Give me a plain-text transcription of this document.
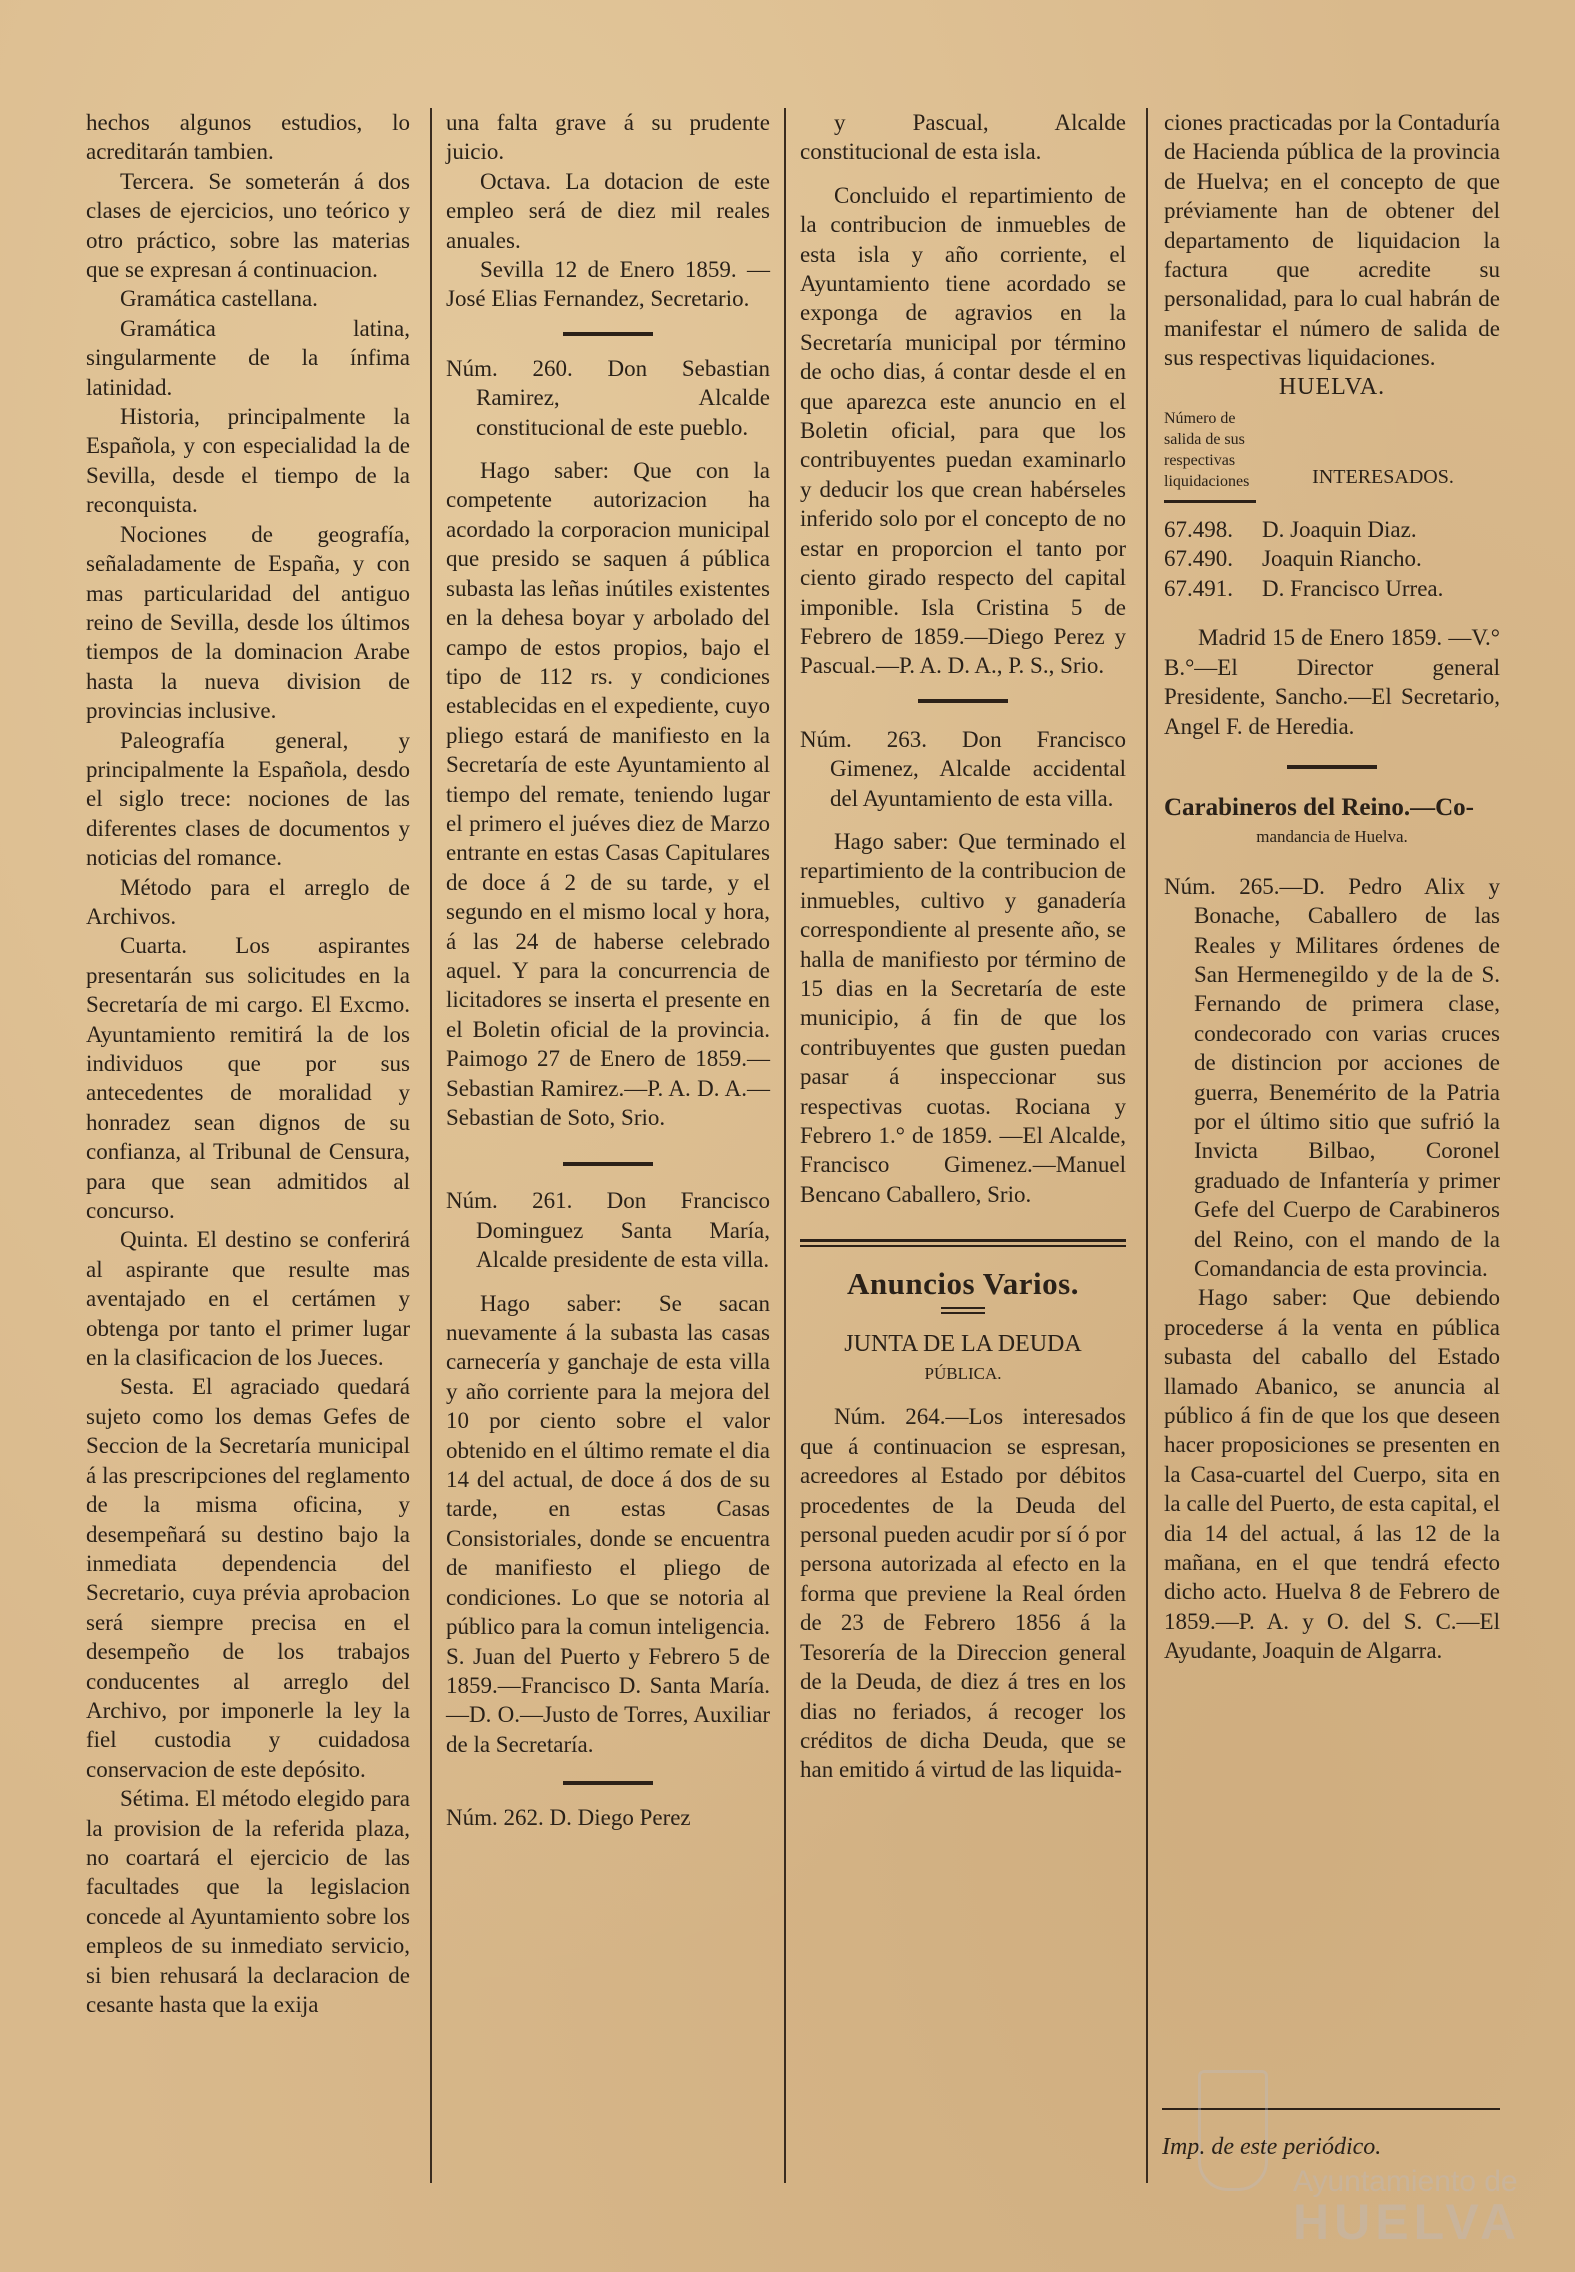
hechos algunos estudios, lo acreditarán tambien.

Tercera. Se someterán á dos clases de ejercicios, uno teórico y otro práctico, sobre las materias que se expresan á continuacion.

Gramática castellana.

Gramática latina, singularmente de la ínfima latinidad.

Historia, principalmente la Española, y con especialidad la de Sevilla, desde el tiempo de la reconquista.

Nociones de geografía, señaladamente de España, y con mas particularidad del antiguo reino de Sevilla, desde los últimos tiempos de la dominacion Arabe hasta la nueva division de provincias inclusive.

Paleografía general, y principalmente la Española, desdo el siglo trece: nociones de las diferentes clases de documentos y noticias del romance.

Método para el arreglo de Archivos.

Cuarta. Los aspirantes presentarán sus solicitudes en la Secretaría de mi cargo. El Excmo. Ayuntamiento remitirá la de los individuos que por sus antecedentes de moralidad y honradez sean dignos de su confianza, al Tribunal de Censura, para que sean admitidos al concurso.

Quinta. El destino se conferirá al aspirante que resulte mas aventajado en el certámen y obtenga por tanto el primer lugar en la clasificacion de los Jueces.

Sesta. El agraciado quedará sujeto como los demas Gefes de Seccion de la Secretaría municipal á las prescripciones del reglamento de la misma oficina, y desempeñará su destino bajo la inmediata dependencia del Secretario, cuya prévia aprobacion será siempre precisa en el desempeño de los trabajos conducentes al arreglo del Archivo, por imponerle la ley la fiel custodia y cuidadosa conservacion de este depósito.

Sétima. El método elegido para la provision de la referida plaza, no coartará el ejercicio de las facultades que la legislacion concede al Ayuntamiento sobre los empleos de su inmediato servicio, si bien rehusará la declaracion de cesante hasta que la exija

una falta grave á su prudente juicio.

Octava. La dotacion de este empleo será de diez mil reales anuales.

Sevilla 12 de Enero 1859. —José Elias Fernandez, Secretario.

Núm. 260. Don Sebastian Ramirez, Alcalde constitucional de este pueblo.

Hago saber: Que con la competente autorizacion ha acordado la corporacion municipal que presido se saquen á pública subasta las leñas inútiles existentes en la dehesa boyar y arbolado del campo de estos propios, bajo el tipo de 112 rs. y condiciones establecidas en el expediente, cuyo pliego estará de manifiesto en la Secretaría de este Ayuntamiento al tiempo del remate, teniendo lugar el primero el juéves diez de Marzo entrante en estas Casas Capitulares de doce á 2 de su tarde, y el segundo en el mismo local y hora, á las 24 de haberse celebrado aquel. Y para la concurrencia de licitadores se inserta el presente en el Boletin oficial de la provincia. Paimogo 27 de Enero de 1859.—Sebastian Ramirez.—P. A. D. A.—Sebastian de Soto, Srio.

Núm. 261. Don Francisco Dominguez Santa María, Alcalde presidente de esta villa.

Hago saber: Se sacan nuevamente á la subasta las casas carnecería y ganchaje de esta villa y año corriente para la mejora del 10 por ciento sobre el valor obtenido en el último remate el dia 14 del actual, de doce á dos de su tarde, en estas Casas Consistoriales, donde se encuentra de manifiesto el pliego de condiciones. Lo que se notoria al público para la comun inteligencia. S. Juan del Puerto y Febrero 5 de 1859.—Francisco D. Santa María.—D. O.—Justo de Torres, Auxiliar de la Secretaría.

Núm. 262. D. Diego Perez

y Pascual, Alcalde constitucional de esta isla.

Concluido el repartimiento de la contribucion de inmuebles de esta isla y año corriente, el Ayuntamiento tiene acordado se exponga de agravios en la Secretaría municipal por término de ocho dias, á contar desde el en que aparezca este anuncio en el Boletin oficial, para que los contribuyentes puedan examinarlo y deducir los que crean habérseles inferido solo por el concepto de no estar en proporcion el tanto por ciento girado respecto del capital imponible. Isla Cristina 5 de Febrero de 1859.—Diego Perez y Pascual.—P. A. D. A., P. S., Srio.

Núm. 263. Don Francisco Gimenez, Alcalde accidental del Ayuntamiento de esta villa.

Hago saber: Que terminado el repartimiento de la contribucion de inmuebles, cultivo y ganadería correspondiente al presente año, se halla de manifiesto por término de 15 dias en la Secretaría de este municipio, á fin de que los contribuyentes que gusten puedan pasar á inspeccionar sus respectivas cuotas. Rociana y Febrero 1.° de 1859. —El Alcalde, Francisco Gimenez.—Manuel Bencano Caballero, Srio.

Anuncios Varios.

JUNTA DE LA DEUDA

PÚBLICA.

Núm. 264.—Los interesados que á continuacion se espresan, acreedores al Estado por débitos procedentes de la Deuda del personal pueden acudir por sí ó por persona autorizada al efecto en la forma que previene la Real órden de 23 de Febrero 1856 á la Tesorería de la Direccion general de la Deuda, de diez á tres en los dias no feriados, á recoger los créditos de dicha Deuda, que se han emitido á virtud de las liquida-

ciones practicadas por la Contaduría de Hacienda pública de la provincia de Huelva; en el concepto de que préviamente han de obtener del departamento de liquidacion la factura que acredite su personalidad, para lo cual habrán de manifestar el número de salida de sus respectivas liquidaciones.

HUELVA.

Número de salida de sus respectivas liquidaciones	INTERESADOS.
67.498.	D. Joaquin Diaz.
67.490.	Joaquin Riancho.
67.491.	D. Francisco Urrea.

Madrid 15 de Enero 1859. —V.° B.°—El Director general Presidente, Sancho.—El Secretario, Angel F. de Heredia.

Carabineros del Reino.—Co-

mandancia de Huelva.

Núm. 265.—D. Pedro Alix y Bonache, Caballero de las Reales y Militares órdenes de San Hermenegildo y de la de S. Fernando de primera clase, condecorado con varias cruces de distincion por acciones de guerra, Benemérito de la Patria por el último sitio que sufrió la Invicta Bilbao, Coronel graduado de Infantería y primer Gefe del Cuerpo de Carabineros del Reino, con el mando de la Comandancia de esta provincia.

Hago saber: Que debiendo procederse á la venta en pública subasta del caballo del Estado llamado Abanico, se anuncia al público á fin de que los que deseen hacer proposiciones se presenten en la Casa-cuartel del Cuerpo, sita en la calle del Puerto, de esta capital, el dia 14 del actual, á las 12 de la mañana, en el que tendrá efecto dicho acto. Huelva 8 de Febrero de 1859.—P. A. y O. del S. C.—El Ayudante, Joaquin de Algarra.

Imp. de este periódico.
Ayuntamiento de
HUELVA
